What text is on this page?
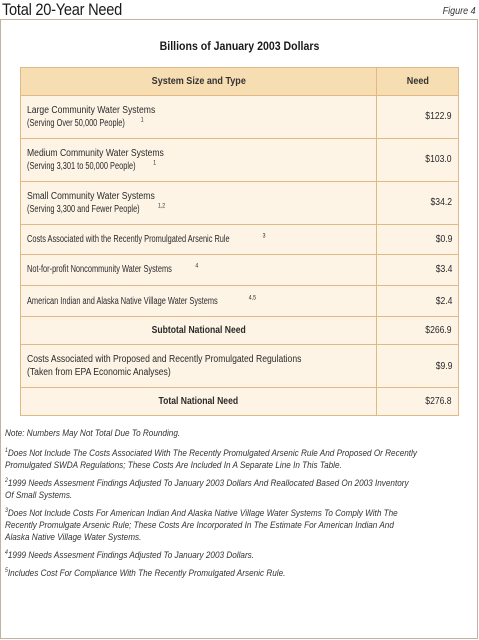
Total 20-Year Need	Figure 4
Billions of January 2003 Dollars
System Size and Type	Need
Large Community Water Systems
(Serving Over 50,000 People) $^1$	$122.9
Medium Community Water Systems
(Serving 3,301 to 50,000 People) $^1$	$103.0
Small Community Water Systems
(Serving 3,300 and Fewer People) $^{1,2}$	$34.2
Costs Associated with the Recently Promulgated Arsenic Rule $^3$	$0.9
Not-for-profit Noncommunity Water Systems $^4$	$3.4
American Indian and Alaska Native Village Water Systems $^{4,5}$	$2.4
Subtotal National Need	$266.9
Costs Associated with Proposed and Recently Promulgated Regulations
(Taken from EPA Economic Analyses)	$9.9
Total National Need	$276.8

Note: Numbers May Not Total Due To Rounding.

$^1$Does Not Include The Costs Associated With The Recently Promulgated Arsenic Rule And Proposed Or Recently
Promulgated SWDA Regulations; These Costs Are Included In A Separate Line In This Table.

$^2$1999 Needs Assesment Findings Adjusted To January 2003 Dollars And Reallocated Based On 2003 Inventory
Of Small Systems.

$^3$Does Not Include Costs For American Indian And Alaska Native Village Water Systems To Comply With The
Recently Promulgate Arsenic Rule; These Costs Are Incorporated In The Estimate For American Indian And
Alaska Native Village Water Systems.

$^4$1999 Needs Assesment Findings Adjusted To January 2003 Dollars.

$^5$Includes Cost For Compliance With The Recently Promulgated Arsenic Rule.
